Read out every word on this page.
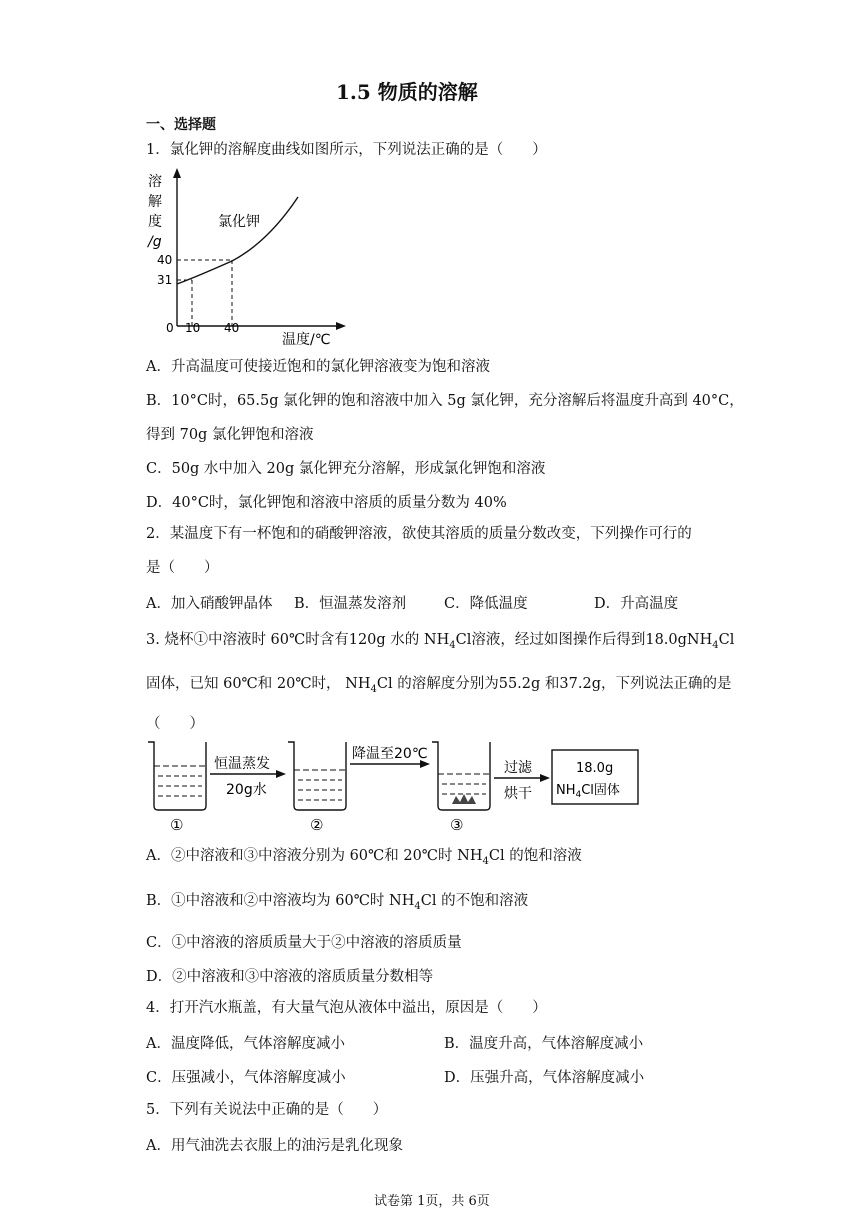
1.5 物质的溶解
一、选择题
1．氯化钾的溶解度曲线如图所示，下列说法正确的是（　　）
溶
解
度
/g
氯化钾
40
31
0 10 40
温度/℃
A．升高温度可使接近饱和的氯化钾溶液变为饱和溶液
B．10°C时，65.5g 氯化钾的饱和溶液中加入 5g 氯化钾，充分溶解后将温度升高到 40°C，
得到 70g 氯化钾饱和溶液
C．50g 水中加入 20g 氯化钾充分溶解，形成氯化钾饱和溶液
D．40°C时，氯化钾饱和溶液中溶质的质量分数为 40%
2．某温度下有一杯饱和的硝酸钾溶液，欲使其溶质的质量分数改变，下列操作可行的
是（　　）
A．加入硝酸钾晶体 B．恒温蒸发溶剂	C．降低温度	D．升高温度
3. 烧杯①中溶液时 60℃时含有120g 水的 $NH_4Cl$溶液，经过如图操作后得到18.0gNH$_4$Cl
固体，已知 60℃和 20℃时， $NH_4Cl$ 的溶解度分别为55.2g 和37.2g，下列说法正确的是
（　　）
①
恒温蒸发
20g水
②
降温至20℃
③
过滤
烘干
18.0g
$NH_4Cl$固体
A．②中溶液和③中溶液分别为 60℃和 20℃时 $NH_4Cl$ 的饱和溶液
B．①中溶液和②中溶液均为 60℃时 $NH_4Cl$ 的不饱和溶液
C．①中溶液的溶质质量大于②中溶液的溶质质量
D．②中溶液和③中溶液的溶质质量分数相等
4．打开汽水瓶盖，有大量气泡从液体中溢出，原因是（　　）
A．温度降低，气体溶解度减小	B．温度升高，气体溶解度减小
C．压强减小，气体溶解度减小	D．压强升高，气体溶解度减小
5．下列有关说法中正确的是（　　）
A．用气油洗去衣服上的油污是乳化现象
试卷第 1页，共 6页
